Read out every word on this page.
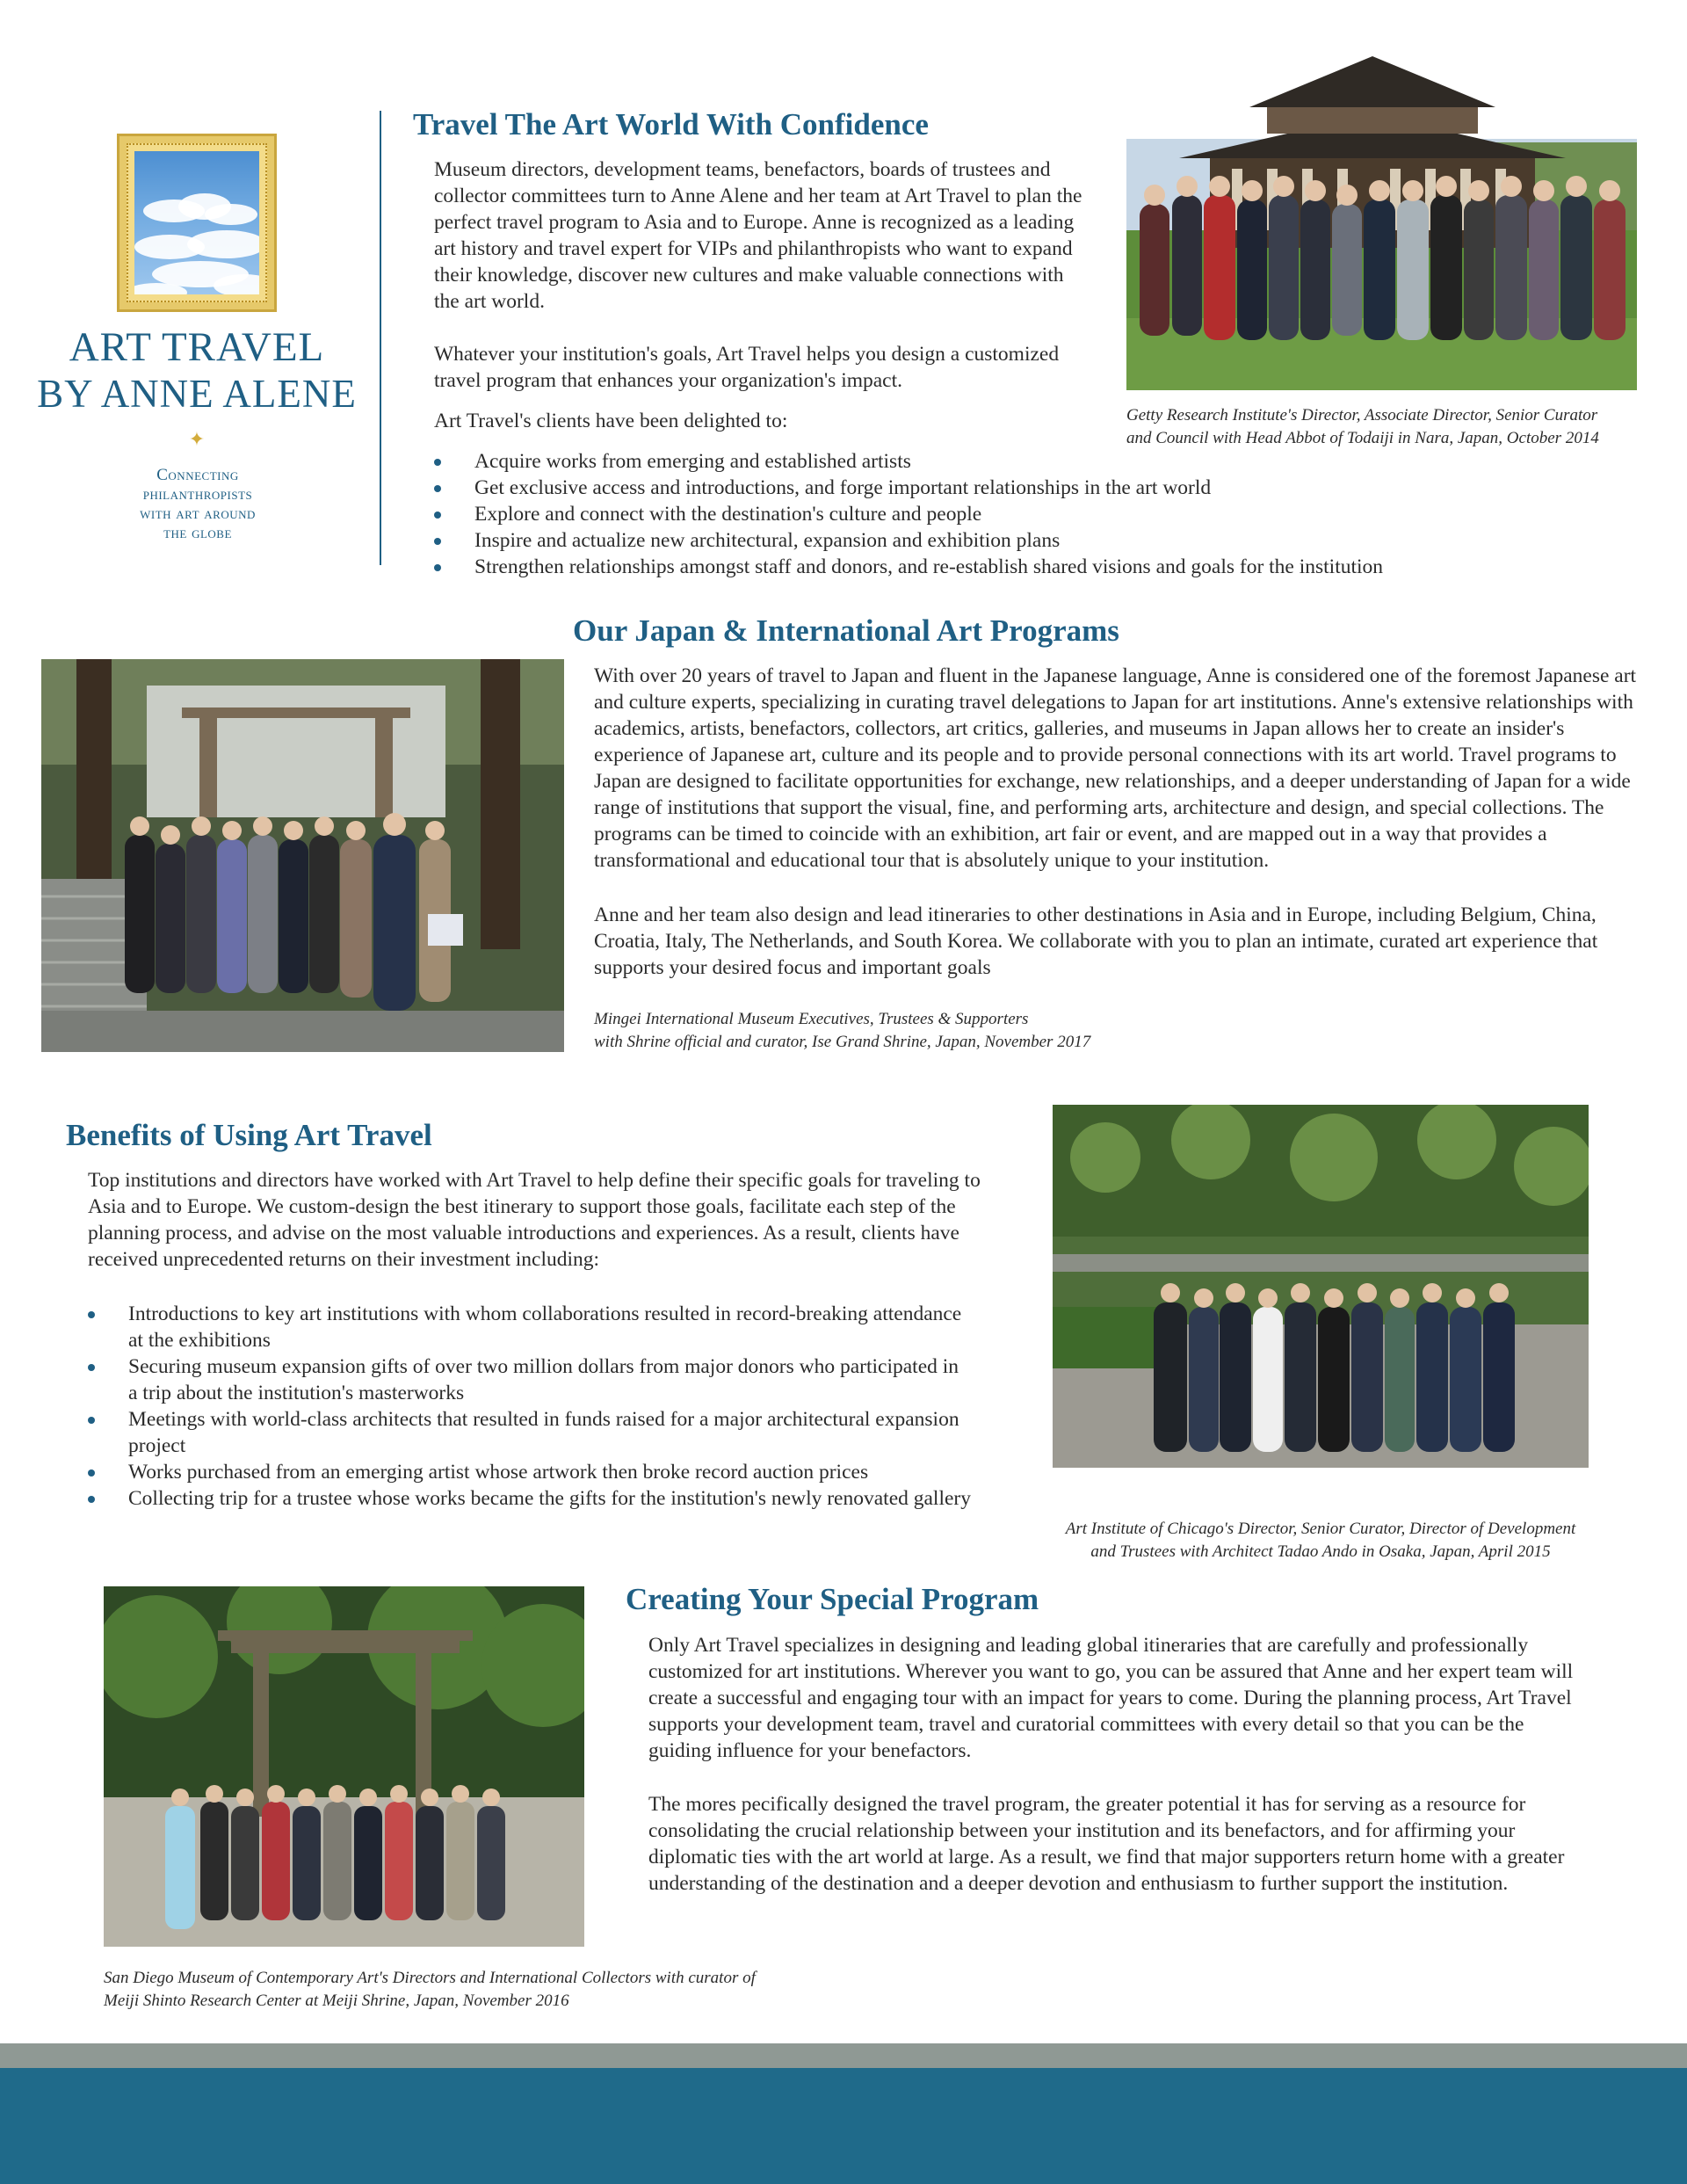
ART TRAVEL
BY ANNE ALENE
✦
Connecting
philanthropists
with art around
the globe
Travel The Art World With Confidence

Museum directors, development teams, benefactors, boards of trustees and collector committees turn to Anne Alene and her team at Art Travel to plan the perfect travel program to Asia and to Europe. Anne is recognized as a leading art history and travel expert for VIPs and philanthropists who want to expand their knowledge, discover new cultures and make valuable connections with the art world.

Whatever your institution's goals, Art Travel helps you design a customized travel program that enhances your organization's impact.

Art Travel's clients have been delighted to:

Acquire works from emerging and established artists
Get exclusive access and introductions, and forge important relationships in the art world
Explore and connect with the destination's culture and people
Inspire and actualize new architectural, expansion and exhibition plans
Strengthen relationships amongst staff and donors, and re-establish shared visions and goals for the institution

Getty Research Institute's Director, Associate Director, Senior Curator

and Council with Head Abbot of Todaiji in Nara, Japan, October 2014

Our Japan & International Art Programs

With over 20 years of travel to Japan and fluent in the Japanese language, Anne is considered one of the foremost Japanese art and culture experts, specializing in curating travel delegations to Japan for art institutions. Anne's extensive relationships with academics, artists, benefactors, collectors, art critics, galleries, and museums in Japan allows her to create an insider's experience of Japanese art, culture and its people and to provide personal connections with its art world. Travel programs to Japan are designed to facilitate opportunities for exchange, new relationships, and a deeper understanding of Japan for a wide range of institutions that support the visual, fine, and performing arts, architecture and design, and special collections. The programs can be timed to coincide with an exhibition, art fair or event, and are mapped out in a way that provides a transformational and educational tour that is absolutely unique to your institution.

Anne and her team also design and lead itineraries to other destinations in Asia and in Europe, including Belgium, China, Croatia, Italy, The Netherlands, and South Korea. We collaborate with you to plan an intimate, curated art experience that supports your desired focus and important goals

Mingei International Museum Executives, Trustees & Supporters

with Shrine official and curator, Ise Grand Shrine, Japan, November 2017

Benefits of Using Art Travel

Top institutions and directors have worked with Art Travel to help define their specific goals for traveling to Asia and to Europe. We custom-design the best itinerary to support those goals, facilitate each step of the planning process, and advise on the most valuable introductions and experiences. As a result, clients have received unprecedented returns on their investment including:

Introductions to key art institutions with whom collaborations resulted in record-breaking attendance at the exhibitions
Securing museum expansion gifts of over two million dollars from major donors who participated in a trip about the institution's masterworks
Meetings with world-class architects that resulted in funds raised for a major architectural expansion project
Works purchased from an emerging artist whose artwork then broke record auction prices
Collecting trip for a trustee whose works became the gifts for the institution's newly renovated gallery

Art Institute of Chicago's Director, Senior Curator, Director of Development

and Trustees with Architect Tadao Ando in Osaka, Japan, April 2015

Creating Your Special Program

Only Art Travel specializes in designing and leading global itineraries that are carefully and professionally customized for art institutions. Wherever you want to go, you can be assured that Anne and her expert team will create a successful and engaging tour with an impact for years to come. During the planning process, Art Travel supports your development team, travel and curatorial committees with every detail so that you can be the guiding influence for your benefactors.

The mores pecifically designed the travel program, the greater potential it has for serving as a resource for consolidating the crucial relationship between your institution and its benefactors, and for affirming your diplomatic ties with the art world at large. As a result, we find that major supporters return home with a greater understanding of the destination and a deeper devotion and enthusiasm to further support the institution.

San Diego Museum of Contemporary Art's Directors and International Collectors with curator of

Meiji Shinto Research Center at Meiji Shrine, Japan, November 2016
